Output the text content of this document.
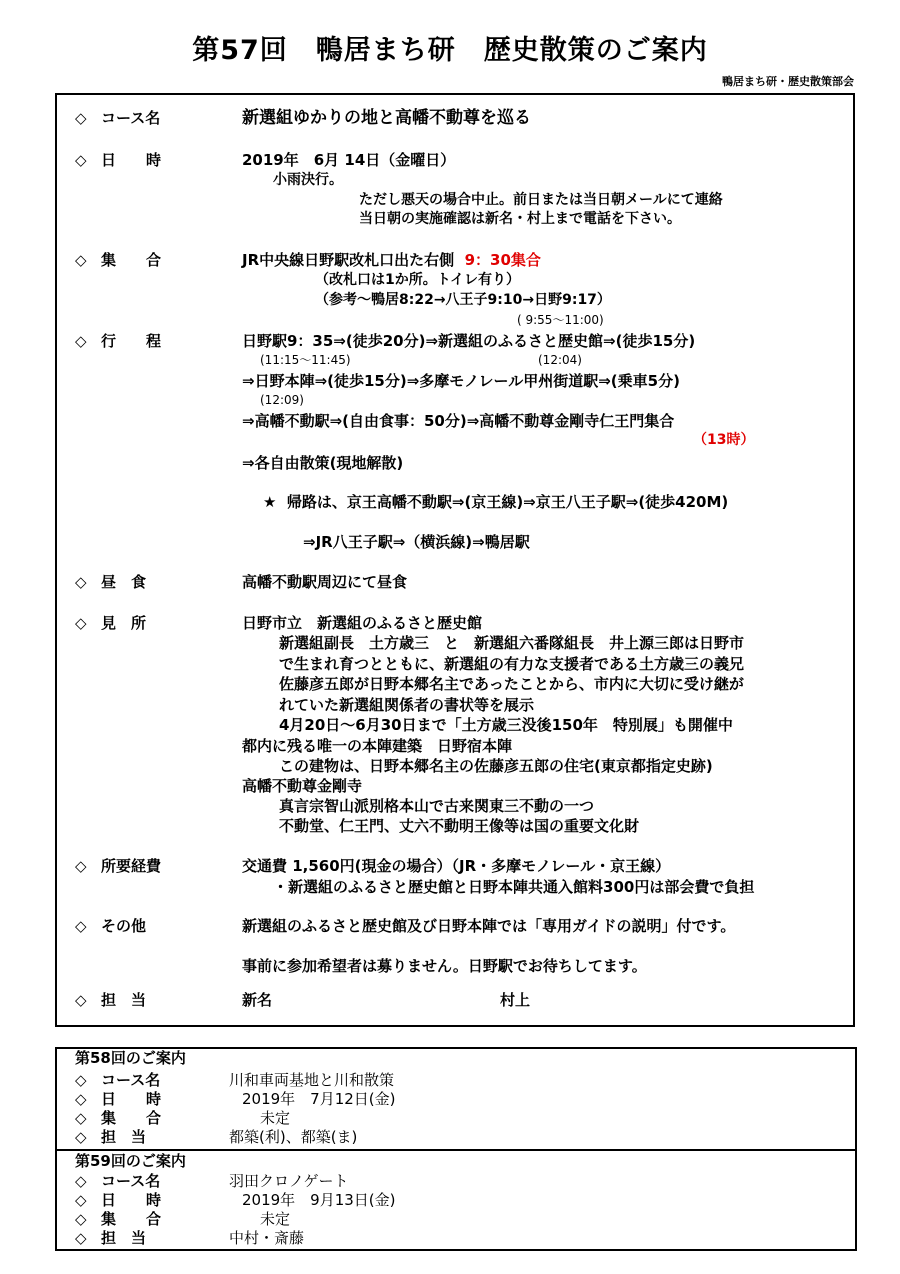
第57回　鴨居まち研　歴史散策のご案内
鴨居まち研・歴史散策部会
◇ コース名	新選組ゆかりの地と高幡不動尊を巡る
◇ 日　　時	2019年　6月 14日（金曜日）
小雨決行。
ただし悪天の場合中止。前日または当日朝メールにて連絡
当日朝の実施確認は新名・村上まで電話を下さい。
◇ 集　　合	JR中央線日野駅改札口出た右側 9：30集合
（改札口は1か所。トイレ有り）
（参考～鴨居8:22→八王子9:10→日野9:17）
( 9:55～11:00)
◇ 行　　程	日野駅9：35⇒(徒歩20分)⇒新選組のふるさと歴史館⇒(徒歩15分)
(11:15～11:45)	(12:04)
⇒日野本陣⇒(徒歩15分)⇒多摩モノレール甲州街道駅⇒(乗車5分)
(12:09)
⇒高幡不動駅⇒(自由食事：50分)⇒高幡不動尊金剛寺仁王門集合
（13時）
⇒各自由散策(現地解散)
★ 帰路は、京王高幡不動駅⇒(京王線)⇒京王八王子駅⇒(徒歩420M)
⇒JR八王子駅⇒（横浜線)⇒鴨居駅
◇ 昼　食	高幡不動駅周辺にて昼食
◇ 見　所	日野市立　新選組のふるさと歴史館
新選組副長　土方歳三　と　新選組六番隊組長　井上源三郎は日野市
で生まれ育つとともに、新選組の有力な支援者である土方歳三の義兄
佐藤彦五郎が日野本郷名主であったことから、市内に大切に受け継が
れていた新選組関係者の書状等を展示
4月20日～6月30日まで「土方歳三没後150年　特別展」も開催中
都内に残る唯一の本陣建築　日野宿本陣
この建物は、日野本郷名主の佐藤彦五郎の住宅(東京都指定史跡)
高幡不動尊金剛寺
真言宗智山派別格本山で古来関東三不動の一つ
不動堂、仁王門、丈六不動明王像等は国の重要文化財
◇ 所要経費	交通費 1,560円(現金の場合）（JR・多摩モノレール・京王線）
・新選組のふるさと歴史館と日野本陣共通入館料300円は部会費で負担
◇ その他	新選組のふるさと歴史館及び日野本陣では「専用ガイドの説明」付です。
事前に参加希望者は募りません。日野駅でお待ちしてます。
◇ 担　当	新名	村上
第58回のご案内
◇ コース名	川和車両基地と川和散策
◇ 日　　時	2019年　7月12日(金)
◇ 集　　合	未定
◇ 担　当	都築(利)、都築(ま)
第59回のご案内
◇ コース名	羽田クロノゲート
◇ 日　　時	2019年　9月13日(金)
◇ 集　　合	未定
◇ 担　当	中村・斎藤
